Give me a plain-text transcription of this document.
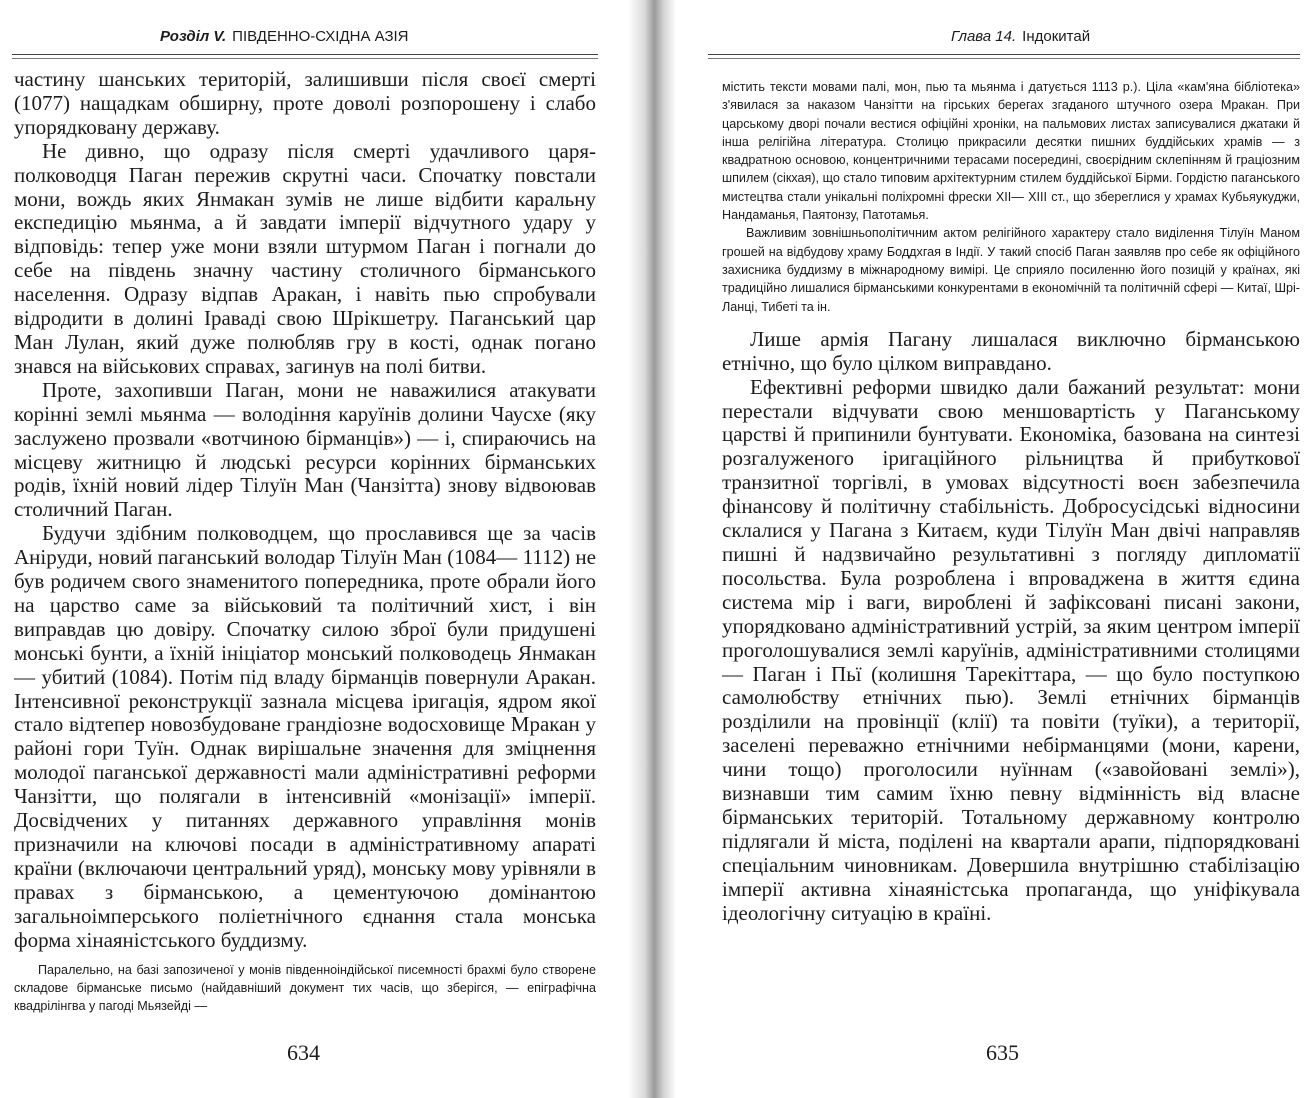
Розділ V. ПІВДЕННО-СХІДНА АЗІЯ

частину шанських територій, залишивши після своєї смерті (1077) нащадкам обширну, проте доволі розпорошену і слабо упорядковану державу.

Не дивно, що одразу після смерті удачливого царя-полководця Паган пережив скрутні часи. Спочатку повстали мони, вождь яких Янмакан зумів не лише відбити каральну експедицію мьянма, а й завдати імперії відчутного удару у відповідь: тепер уже мони взяли штурмом Паган і погнали до себе на південь значну частину столичного бірманського населення. Одразу відпав Аракан, і навіть пью спробували відродити в долині Іраваді свою Шрікшетру. Паганський цар Ман Лулан, який дуже полюбляв гру в кості, однак погано знався на військових справах, загинув на полі битви.

Проте, захопивши Паган, мони не наважилися атакувати корінні землі мьянма — володіння каруїнів долини Чаусхе (яку заслужено прозвали «вотчиною бірманців») — і, спираючись на місцеву житницю й людські ресурси корінних бірманських родів, їхній новий лідер Тілуїн Ман (Чанзітта) знову відвоював столичний Паган.

Будучи здібним полководцем, що прославився ще за часів Аніруди, новий паганський володар Тілуїн Ман (1084— 1112) не був родичем свого знаменитого попередника, проте обрали його на царство саме за військовий та політичний хист, і він виправдав цю довіру. Спочатку силою зброї були придушені монські бунти, а їхній ініціатор монський полководець Янмакан — убитий (1084). Потім під владу бірманців повернули Аракан. Інтенсивної реконструкції зазнала місцева іригація, ядром якої стало відтепер новозбудоване грандіозне водосховище Мракан у районі гори Туїн. Однак вирішальне значення для зміцнення молодої паганської державності мали адміністративні реформи Чанзітти, що полягали в інтенсивній «монізації» імперії. Досвідчених у питаннях державного управління монів призначили на ключові посади в адміністративному апараті країни (включаючи центральний уряд), монську мову урівняли в правах з бірманською, а цементуючою домінантою загальноімперського поліетнічного єднання стала монська форма хінаяністського буддизму.

Паралельно, на базі запозиченої у монів південноіндійської писемності брахмі було створене складове бірманське письмо (найдавніший документ тих часів, що зберігся, — епіграфічна квадрілінгва у пагоді Мьязейді —

634
Глава 14. Індокитай

містить тексти мовами палі, мон, пью та мьянма і датується 1113 р.). Ціла «кам'яна бібліотека» з'явилася за наказом Чанзітти на гірських берегах згаданого штучного озера Мракан. При царському дворі почали вестися офіційні хроніки, на пальмових листах записувалися джатаки й інша релігійна література. Столицю прикрасили десятки пишних буддійських храмів — з квадратною основою, концентричними терасами посередині, своєрідним склепінням й граціозним шпилем (сікхая), що стало типовим архітектурним стилем буддійської Бірми. Гордістю паганського мистецтва стали унікальні поліхромні фрески XII— XIII ст., що збереглися у храмах Кубьяукуджи, Нандаманья, Паятонзу, Патотамья.

Важливим зовнішньополітичним актом релігійного характеру стало виділення Тілуїн Маном грошей на відбудову храму Боддхгая в Індії. У такий спосіб Паган заявляв про себе як офіційного захисника буддизму в міжнародному вимірі. Це сприяло посиленню його позицій у країнах, які традиційно лишалися бірманськими конкурентами в економічній та політичній сфері — Китаї, Шрі-Ланці, Тибеті та ін.

Лише армія Пагану лишалася виключно бірманською етнічно, що було цілком виправдано.

Ефективні реформи швидко дали бажаний результат: мони перестали відчувати свою меншовартість у Паганському царстві й припинили бунтувати. Економіка, базована на синтезі розгалуженого іригаційного рільництва й прибуткової транзитної торгівлі, в умовах відсутності воєн забезпечила фінансову й політичну стабільність. Добросусідські відносини склалися у Пагана з Китаєм, куди Тілуїн Ман двічі направляв пишні й надзвичайно результативні з погляду дипломатії посольства. Була розроблена і впроваджена в життя єдина система мір і ваги, вироблені й зафіксовані писані закони, упорядковано адміністративний устрій, за яким центром імперії проголошувалися землі каруїнів, адміністративними столицями — Паган і Пьї (колишня Тарекіттара, — що було поступкою самолюбству етнічних пью). Землі етнічних бірманців розділили на провінції (клії) та повіти (туїки), а території, заселені переважно етнічними небірманцями (мони, карени, чини тощо) проголосили нуїннам («завойовані землі»), визнавши тим самим їхню певну відмінність від власне бірманських територій. Тотальному державному контролю підлягали й міста, поділені на квартали арапи, підпорядковані спеціальним чиновникам. Довершила внутрішню стабілізацію імперії активна хінаяністська пропаганда, що уніфікувала ідеологічну ситуацію в країні.

635
